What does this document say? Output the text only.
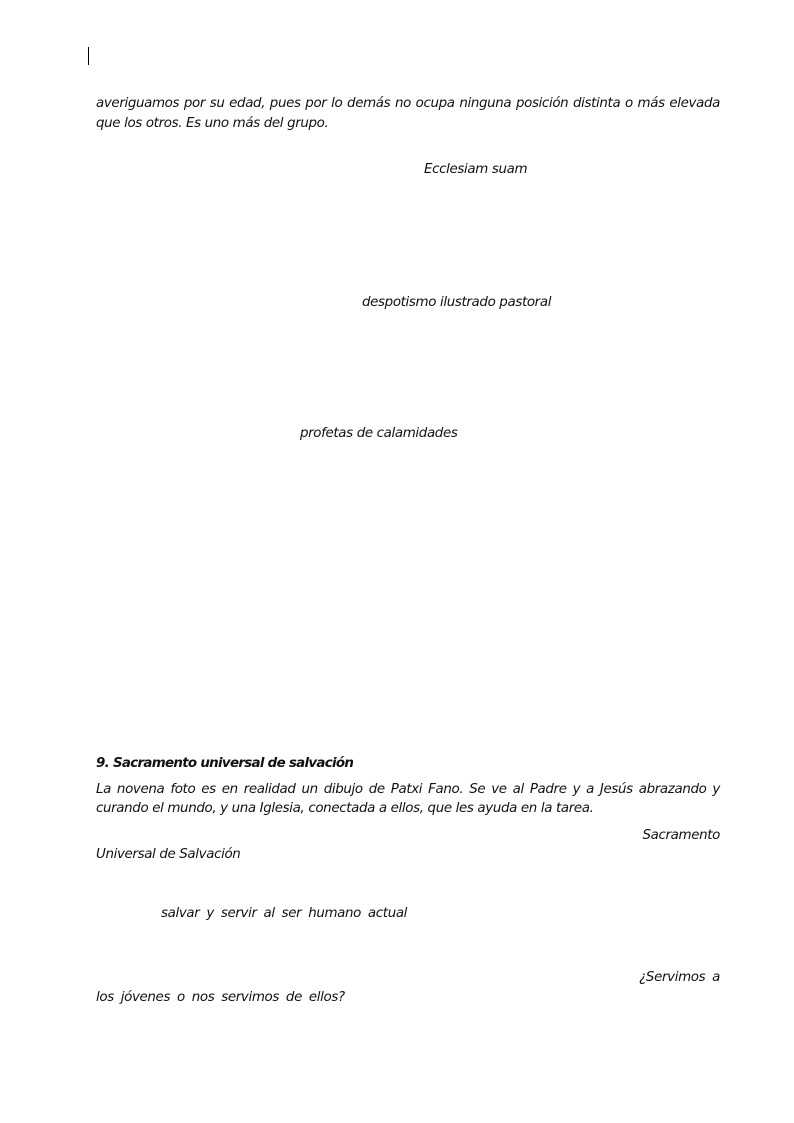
averiguamos por su edad, pues por lo demás no ocupa ninguna posición distinta o más elevada
que los otros. Es uno más del grupo.
Ecclesiam suam
despotismo ilustrado pastoral
profetas de calamidades
9. Sacramento universal de salvación
La novena foto es en realidad un dibujo de Patxi Fano. Se ve al Padre y a Jesús abrazando y
curando el mundo, y una Iglesia, conectada a ellos, que les ayuda en la tarea.
Sacramento
Universal de Salvación
salvar y servir al ser humano actual
¿Servimos a
los jóvenes o nos servimos de ellos?
